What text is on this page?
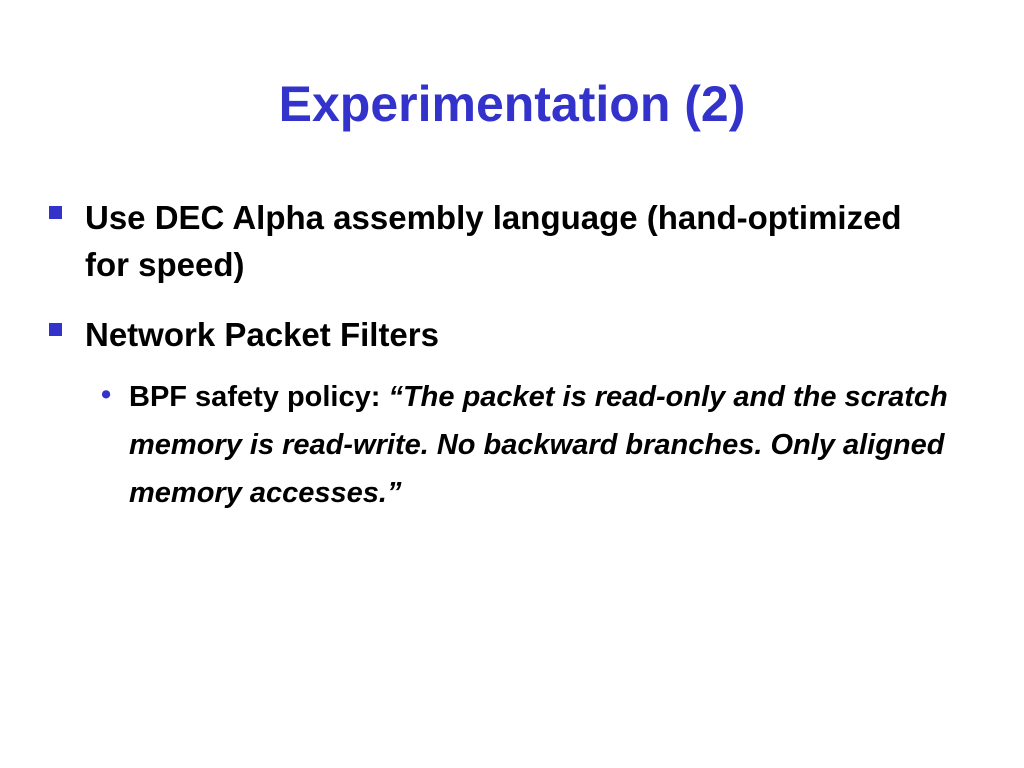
Experimentation (2)
Use DEC Alpha assembly language (hand-optimized for speed)
Network Packet Filters
• BPF safety policy: “The packet is read-only and the scratch memory is read-write. No backward branches. Only aligned memory accesses.”
